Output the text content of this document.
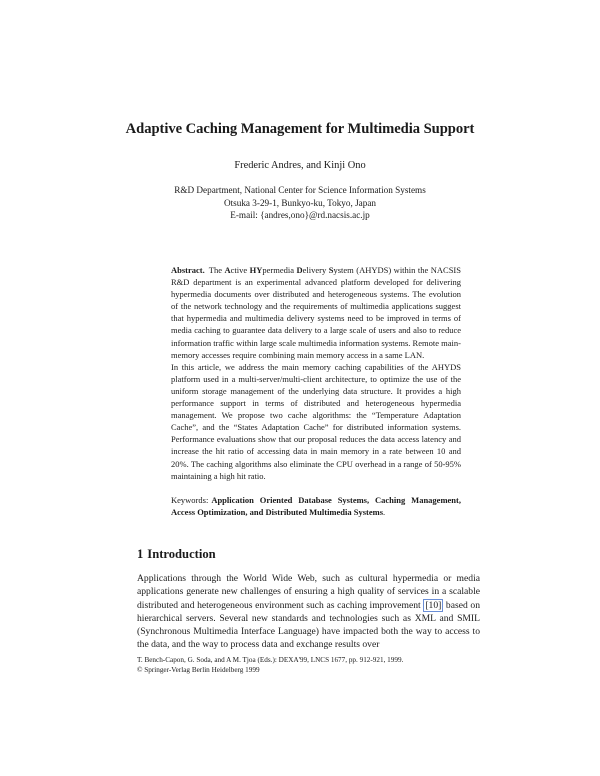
Adaptive Caching Management for Multimedia Support
Frederic Andres, and Kinji Ono
R&D Department, National Center for Science Information Systems
Otsuka 3-29-1, Bunkyo-ku, Tokyo, Japan
E-mail: {andres,ono}@rd.nacsis.ac.jp

Abstract. The Active HYpermedia Delivery System (AHYDS) within the NACSIS R&D department is an experimental advanced platform developed for delivering hypermedia documents over distributed and heterogeneous systems. The evolution of the network technology and the requirements of multimedia applications suggest that hypermedia and multimedia delivery systems need to be improved in terms of media caching to guarantee data delivery to a large scale of users and also to reduce information traffic within large scale multimedia information systems. Remote main-memory accesses require combining main memory access in a same LAN.

In this article, we address the main memory caching capabilities of the AHYDS platform used in a multi-server/multi-client architecture, to optimize the use of the uniform storage management of the underlying data structure. It provides a high performance support in terms of distributed and heterogeneous hypermedia management. We propose two cache algorithms: the “Temperature Adaptation Cache”, and the “States Adaptation Cache” for distributed information systems. Performance evaluations show that our proposal reduces the data access latency and increase the hit ratio of accessing data in main memory in a rate between 10 and 20%. The caching algorithms also eliminate the CPU overhead in a range of 50-95% maintaining a high hit ratio.

Keywords: Application Oriented Database Systems, Caching Management, Access Optimization, and Distributed Multimedia Systems.
1 Introduction

Applications through the World Wide Web, such as cultural hypermedia or media applications generate new challenges of ensuring a high quality of services in a scalable distributed and heterogeneous environment such as caching improvement [10] based on hierarchical servers. Several new standards and technologies such as XML and SMIL (Synchronous Multimedia Interface Language) have impacted both the way to access to the data, and the way to process data and exchange results over

T. Bench-Capon, G. Soda, and A M. Tjoa (Eds.): DEXA'99, LNCS 1677, pp. 912-921, 1999.
© Springer-Verlag Berlin Heidelberg 1999
